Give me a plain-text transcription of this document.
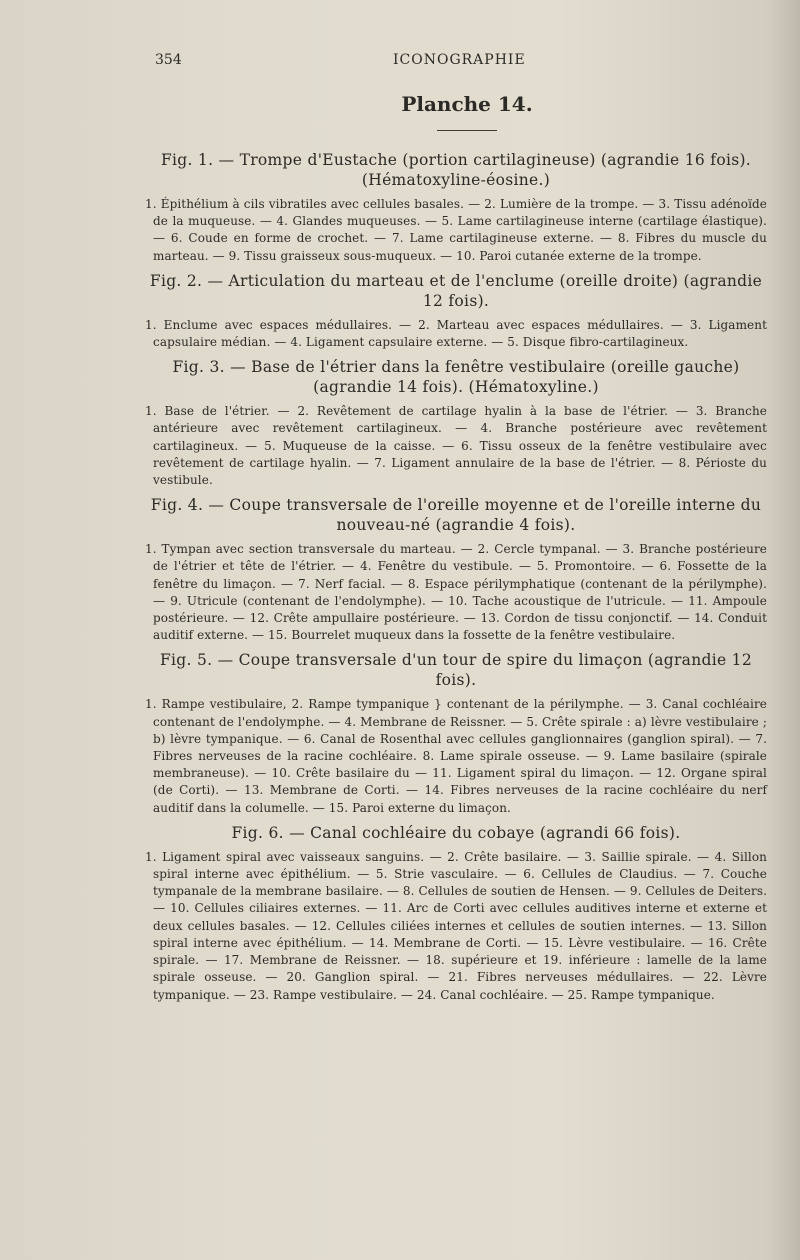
354	ICONOGRAPHIE
Planche 14.

Fig. 1. — Trompe d'Eustache (portion cartilagineuse) (agrandie 16 fois). (Hématoxyline-éosine.)

1. Épithélium à cils vibratiles avec cellules basales. — 2. Lumière de la trompe. — 3. Tissu adénoïde de la muqueuse. — 4. Glandes muqueuses. — 5. Lame cartilagineuse interne (cartilage élastique). — 6. Coude en forme de crochet. — 7. Lame cartilagineuse externe. — 8. Fibres du muscle du marteau. — 9. Tissu graisseux sous-muqueux. — 10. Paroi cutanée externe de la trompe.

Fig. 2. — Articulation du marteau et de l'enclume (oreille droite) (agrandie 12 fois).

1. Enclume avec espaces médullaires. — 2. Marteau avec espaces médullaires. — 3. Ligament capsulaire médian. — 4. Ligament capsulaire externe. — 5. Disque fibro-cartilagineux.

Fig. 3. — Base de l'étrier dans la fenêtre vestibulaire (oreille gauche) (agrandie 14 fois). (Hématoxyline.)

1. Base de l'étrier. — 2. Revêtement de cartilage hyalin à la base de l'étrier. — 3. Branche antérieure avec revêtement cartilagineux. — 4. Branche postérieure avec revêtement cartilagineux. — 5. Muqueuse de la caisse. — 6. Tissu osseux de la fenêtre vestibulaire avec revêtement de cartilage hyalin. — 7. Ligament annulaire de la base de l'étrier. — 8. Périoste du vestibule.

Fig. 4. — Coupe transversale de l'oreille moyenne et de l'oreille interne du nouveau-né (agrandie 4 fois).

1. Tympan avec section transversale du marteau. — 2. Cercle tympanal. — 3. Branche postérieure de l'étrier et tête de l'étrier. — 4. Fenêtre du vestibule. — 5. Promontoire. — 6. Fossette de la fenêtre du limaçon. — 7. Nerf facial. — 8. Espace périlymphatique (contenant de la périlymphe). — 9. Utricule (contenant de l'endolymphe). — 10. Tache acoustique de l'utricule. — 11. Ampoule postérieure. — 12. Crête ampullaire postérieure. — 13. Cordon de tissu conjonctif. — 14. Conduit auditif externe. — 15. Bourrelet muqueux dans la fossette de la fenêtre vestibulaire.

Fig. 5. — Coupe transversale d'un tour de spire du limaçon (agrandie 12 fois).

1. Rampe vestibulaire, 2. Rampe tympanique } contenant de la périlymphe. — 3. Canal cochléaire contenant de l'endolymphe. — 4. Membrane de Reissner. — 5. Crête spirale : a) lèvre vestibulaire ; b) lèvre tympanique. — 6. Canal de Rosenthal avec cellules ganglionnaires (ganglion spiral). — 7. Fibres nerveuses de la racine cochléaire. 8. Lame spirale osseuse. — 9. Lame basilaire (spirale membraneuse). — 10. Crête basilaire du — 11. Ligament spiral du limaçon. — 12. Organe spiral (de Corti). — 13. Membrane de Corti. — 14. Fibres nerveuses de la racine cochléaire du nerf auditif dans la columelle. — 15. Paroi externe du limaçon.

Fig. 6. — Canal cochléaire du cobaye (agrandi 66 fois).

1. Ligament spiral avec vaisseaux sanguins. — 2. Crête basilaire. — 3. Saillie spirale. — 4. Sillon spiral interne avec épithélium. — 5. Strie vasculaire. — 6. Cellules de Claudius. — 7. Couche tympanale de la membrane basilaire. — 8. Cellules de soutien de Hensen. — 9. Cellules de Deiters. — 10. Cellules ciliaires externes. — 11. Arc de Corti avec cellules auditives interne et externe et deux cellules basales. — 12. Cellules ciliées internes et cellules de soutien internes. — 13. Sillon spiral interne avec épithélium. — 14. Membrane de Corti. — 15. Lèvre vestibulaire. — 16. Crête spirale. — 17. Membrane de Reissner. — 18. supérieure et 19. inférieure : lamelle de la lame spirale osseuse. — 20. Ganglion spiral. — 21. Fibres nerveuses médullaires. — 22. Lèvre tympanique. — 23. Rampe vestibulaire. — 24. Canal cochléaire. — 25. Rampe tympanique.
